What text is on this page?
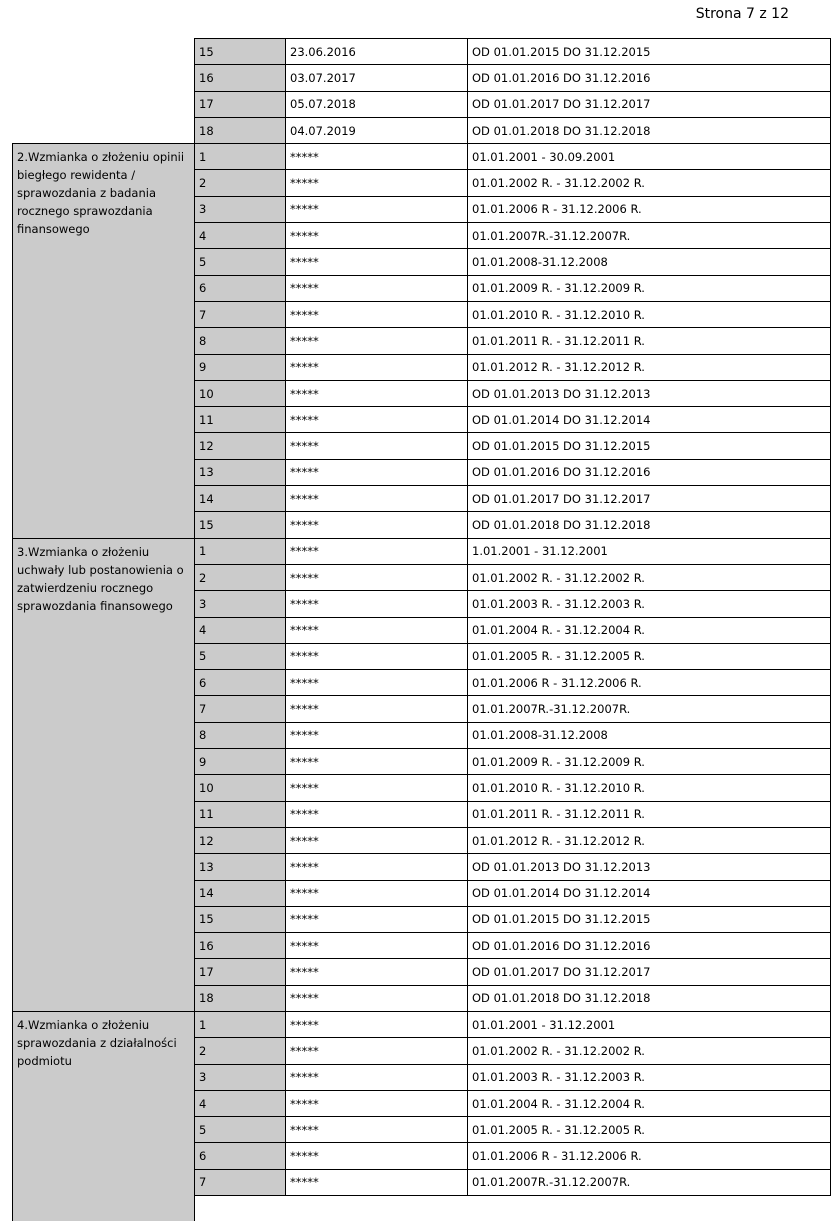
Strona 7 z 12
	15	23.06.2016	OD 01.01.2015 DO 31.12.2015
	16	03.07.2017	OD 01.01.2016 DO 31.12.2016
	17	05.07.2018	OD 01.01.2017 DO 31.12.2017
	18	04.07.2019	OD 01.01.2018 DO 31.12.2018
2.Wzmianka o złożeniu opinii biegłego rewidenta / sprawozdania z badania rocznego sprawozdania finansowego	1	*****	01.01.2001 - 30.09.2001
	2	*****	01.01.2002 R. - 31.12.2002 R.
	3	*****	01.01.2006 R - 31.12.2006 R.
	4	*****	01.01.2007R.-31.12.2007R.
	5	*****	01.01.2008-31.12.2008
	6	*****	01.01.2009 R. - 31.12.2009 R.
	7	*****	01.01.2010 R. - 31.12.2010 R.
	8	*****	01.01.2011 R. - 31.12.2011 R.
	9	*****	01.01.2012 R. - 31.12.2012 R.
	10	*****	OD 01.01.2013 DO 31.12.2013
	11	*****	OD 01.01.2014 DO 31.12.2014
	12	*****	OD 01.01.2015 DO 31.12.2015
	13	*****	OD 01.01.2016 DO 31.12.2016
	14	*****	OD 01.01.2017 DO 31.12.2017
	15	*****	OD 01.01.2018 DO 31.12.2018
3.Wzmianka o złożeniu uchwały lub postanowienia o zatwierdzeniu rocznego sprawozdania finansowego	1	*****	1.01.2001 - 31.12.2001
	2	*****	01.01.2002 R. - 31.12.2002 R.
	3	*****	01.01.2003 R. - 31.12.2003 R.
	4	*****	01.01.2004 R. - 31.12.2004 R.
	5	*****	01.01.2005 R. - 31.12.2005 R.
	6	*****	01.01.2006 R - 31.12.2006 R.
	7	*****	01.01.2007R.-31.12.2007R.
	8	*****	01.01.2008-31.12.2008
	9	*****	01.01.2009 R. - 31.12.2009 R.
	10	*****	01.01.2010 R. - 31.12.2010 R.
	11	*****	01.01.2011 R. - 31.12.2011 R.
	12	*****	01.01.2012 R. - 31.12.2012 R.
	13	*****	OD 01.01.2013 DO 31.12.2013
	14	*****	OD 01.01.2014 DO 31.12.2014
	15	*****	OD 01.01.2015 DO 31.12.2015
	16	*****	OD 01.01.2016 DO 31.12.2016
	17	*****	OD 01.01.2017 DO 31.12.2017
	18	*****	OD 01.01.2018 DO 31.12.2018
4.Wzmianka o złożeniu sprawozdania z działalności podmiotu	1	*****	01.01.2001 - 31.12.2001
	2	*****	01.01.2002 R. - 31.12.2002 R.
	3	*****	01.01.2003 R. - 31.12.2003 R.
	4	*****	01.01.2004 R. - 31.12.2004 R.
	5	*****	01.01.2005 R. - 31.12.2005 R.
	6	*****	01.01.2006 R - 31.12.2006 R.
	7	*****	01.01.2007R.-31.12.2007R.
